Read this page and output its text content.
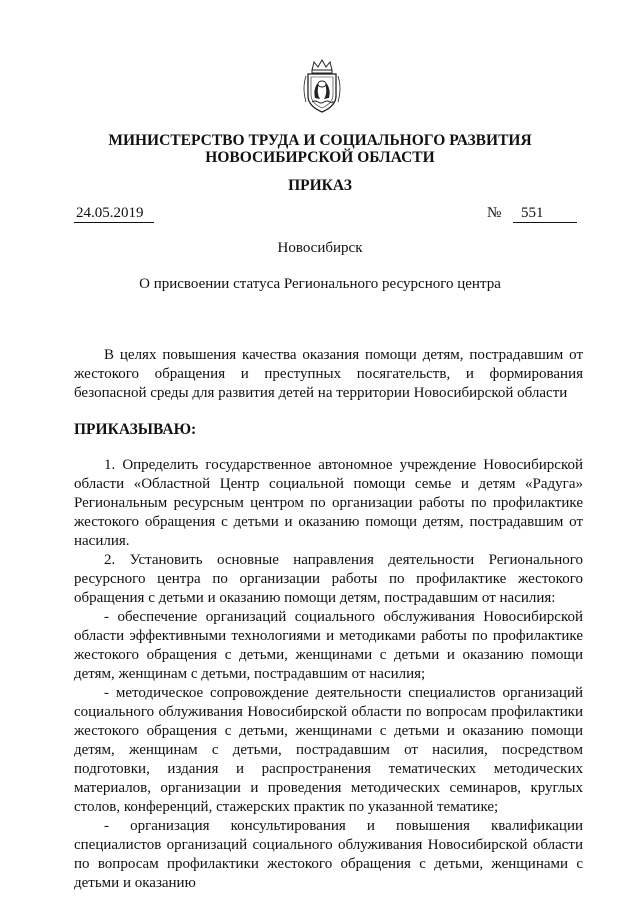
МИНИСТЕРСТВО ТРУДА И СОЦИАЛЬНОГО РАЗВИТИЯ
НОВОСИБИРСКОЙ ОБЛАСТИ
ПРИКАЗ
24.05.2019	№ 551
Новосибирск
О присвоении статуса Регионального ресурсного центра

В целях повышения качества оказания помощи детям, пострадавшим от жестокого обращения и преступных посягательств, и формирования безопасной среды для развития детей на территории Новосибирской области

ПРИКАЗЫВАЮ:

1. Определить государственное автономное учреждение Новосибирской области «Областной Центр социальной помощи семье и детям «Радуга» Региональным ресурсным центром по организации работы по профилактике жестокого обращения с детьми и оказанию помощи детям, пострадавшим от насилия.

2. Установить основные направления деятельности Регионального ресурсного центра по организации работы по профилактике жестокого обращения с детьми и оказанию помощи детям, пострадавшим от насилия:

- обеспечение организаций социального обслуживания Новосибирской области эффективными технологиями и методиками работы по профилактике жестокого обращения с детьми, женщинами с детьми и оказанию помощи детям, женщинам с детьми, пострадавшим от насилия;

- методическое сопровождение деятельности специалистов организаций социального облуживания Новосибирской области по вопросам профилактики жестокого обращения с детьми, женщинами с детьми и оказанию помощи детям, женщинам с детьми, пострадавшим от насилия, посредством подготовки, издания и распространения тематических методических материалов, организации и проведения методических семинаров, круглых столов, конференций, стажерских практик по указанной тематике;

- организация консультирования и повышения квалификации специалистов организаций социального облуживания Новосибирской области по вопросам профилактики жестокого обращения с детьми, женщинами с детьми и оказанию
